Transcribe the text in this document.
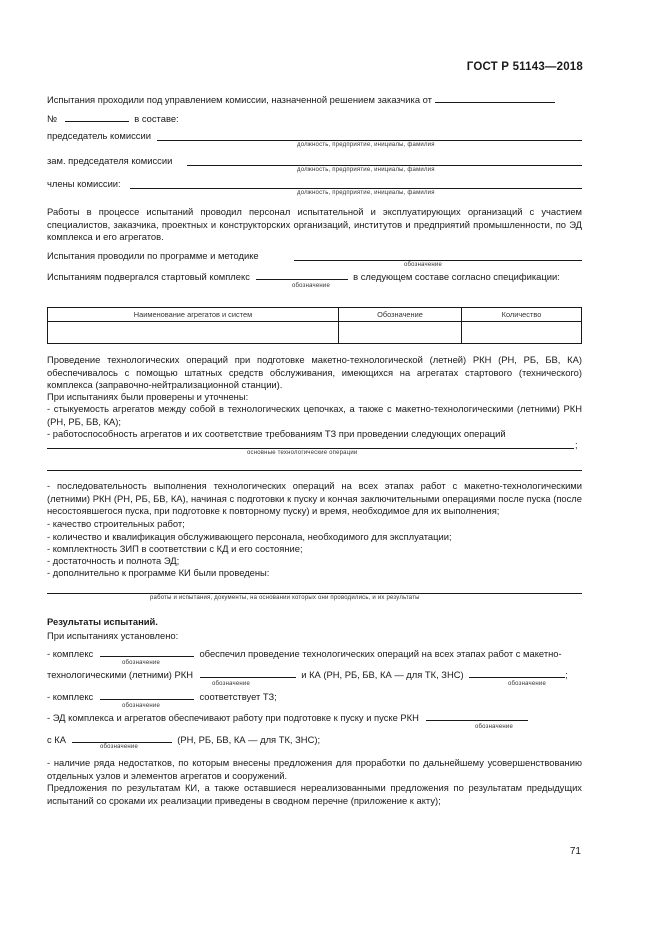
ГОСТ Р 51143—2018
Испытания проходили под управлением комиссии, назначенной решением заказчика от
№	в составе:
председатель комиссии
должность, предприятие, инициалы, фамилия
зам. председателя комиссии
должность, предприятие, инициалы, фамилия
члены комиссии:
должность, предприятие, инициалы, фамилия
Работы в процессе испытаний проводил персонал испытательной и эксплуатирующих организаций с участием специалистов, заказчика, проектных и конструкторских организаций, институтов и предприятий промышленности, по ЭД комплекса и его агрегатов.
Испытания проводили по программе и методике
обозначение
Испытаниям подвергался стартовый комплекс	в следующем составе согласно спецификации:
обозначение
Наименование агрегатов и систем	Обозначение	Количество

Проведение технологических операций при подготовке макетно-технологической (летней) РКН (РН, РБ, БВ, КА) обеспечивалось с помощью штатных средств обслуживания, имеющихся на агрегатах стартового (технического) комплекса (заправочно-нейтрализационной станции).
При испытаниях были проверены и уточнены:
- стыкуемость агрегатов между собой в технологических цепочках, а также с макетно-технологическими (летними) РКН (РН, РБ, БВ, КА);
- работоспособность агрегатов и их соответствие требованиям ТЗ при проведении следующих операций
;
основные технологические операции
- последовательность выполнения технологических операций на всех этапах работ с макетно-технологическими (летними) РКН (РН, РБ, БВ, КА), начиная с подготовки к пуску и кончая заключительными операциями после пуска (после несостоявшегося пуска, при подготовке к повторному пуску) и время, необходимое для их выполнения;
- качество строительных работ;
- количество и квалификация обслуживающего персонала, необходимого для эксплуатации;
- комплектность ЗИП в соответствии с КД и его состояние;
- достаточность и полнота ЭД;
- дополнительно к программе КИ были проведены:
работы и испытания, документы, на основании которых они проводились, и их результаты
Результаты испытаний.
При испытаниях установлено:
- комплекс	обеспечил проведение технологических операций на всех этапах работ с макетно-
обозначение
технологическими (летними) РКН	и КА (РН, РБ, БВ, КА — для ТК, ЗНС)	;
обозначение	обозначение
- комплекс	соответствует ТЗ;
обозначение
- ЭД комплекса и агрегатов обеспечивают работу при подготовке к пуску и пуске РКН
обозначение
с КА	(РН, РБ, БВ, КА — для ТК, ЗНС);
обозначение
- наличие ряда недостатков, по которым внесены предложения для проработки по дальнейшему усовершенствованию отдельных узлов и элементов агрегатов и сооружений.
Предложения по результатам КИ, а также оставшиеся нереализованными предложения по результатам предыдущих испытаний со сроками их реализации приведены в сводном перечне (приложение к акту);
71
